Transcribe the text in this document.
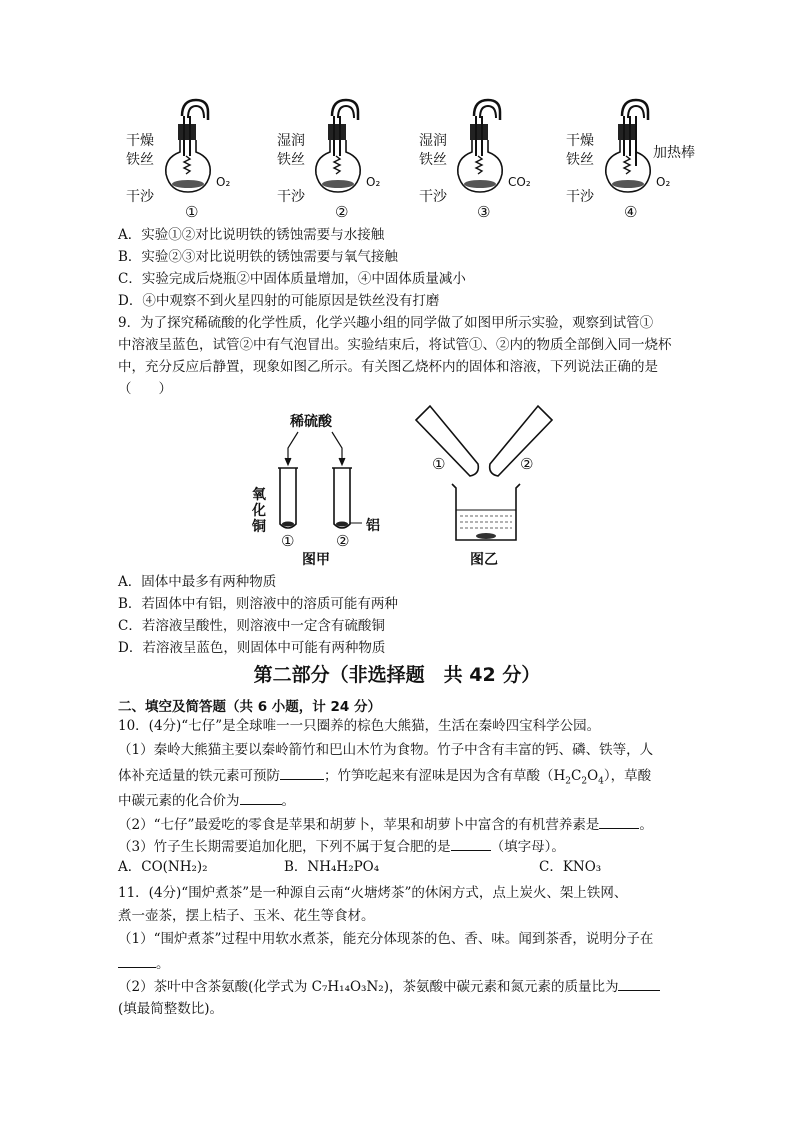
干燥
铁丝
干沙
O₂
①
湿润
铁丝
干沙
O₂
②
湿润
铁丝
干沙
CO₂
③
干燥
铁丝	加热棒
干沙
O₂
④
A．实验①②对比说明铁的锈蚀需要与水接触
B．实验②③对比说明铁的锈蚀需要与氧气接触
C．实验完成后烧瓶②中固体质量增加，④中固体质量减小
D．④中观察不到火星四射的可能原因是铁丝没有打磨
9．为了探究稀硫酸的化学性质，化学兴趣小组的同学做了如图甲所示实验，观察到试管①
中溶液呈蓝色，试管②中有气泡冒出。实验结束后，将试管①、②内的物质全部倒入同一烧杯
中，充分反应后静置，现象如图乙所示。有关图乙烧杯内的固体和溶液，下列说法正确的是
（　　）
稀硫酸
氧
化
铜	铝
①	②
图甲
①	②
图乙
A．固体中最多有两种物质
B．若固体中有铝，则溶液中的溶质可能有两种
C．若溶液呈酸性，则溶液中一定含有硫酸铜
D．若溶液呈蓝色，则固体中可能有两种物质
第二部分（非选择题　共 42 分）
二、填空及简答题（共 6 小题，计 24 分）
10．(4分)“七仔”是全球唯一一只圈养的棕色大熊猫，生活在秦岭四宝科学公园。
（1）秦岭大熊猫主要以秦岭箭竹和巴山木竹为食物。竹子中含有丰富的钙、磷、铁等，人
体补充适量的铁元素可预防	；竹笋吃起来有涩味是因为含有草酸$(H_2C_2O_4)$，草酸
中碳元素的化合价为	。
（2）“七仔”最爱吃的零食是苹果和胡萝卜，苹果和胡萝卜中富含的有机营养素是	。
（3）竹子生长期需要追加化肥，下列不属于复合肥的是	（填字母）。
A．CO(NH₂)₂	B．NH₄H₂PO₄	C．KNO₃
11．(4分)“围炉煮茶”是一种源自云南“火塘烤茶”的休闲方式，点上炭火、架上铁网、
煮一壶茶，摆上桔子、玉米、花生等食材。
（1）“围炉煮茶”过程中用软水煮茶，能充分体现茶的色、香、味。闻到茶香，说明分子在
。
（2）茶叶中含茶氨酸(化学式为 C₇H₁₄O₃N₂)，茶氨酸中碳元素和氮元素的质量比为
(填最简整数比)。
